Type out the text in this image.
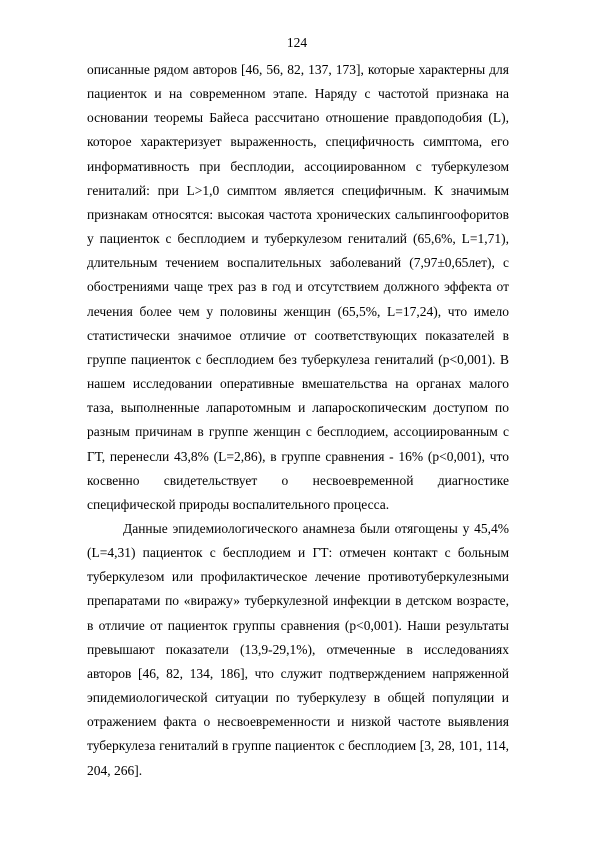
124

описанные рядом авторов [46, 56, 82, 137, 173], которые характерны для пациенток и на современном этапе. Наряду с частотой признака на основании теоремы Байеса рассчитано отношение правдоподобия (L), которое характеризует выраженность, специфичность симптома, его информативность при бесплодии, ассоциированном с туберкулезом гениталий: при L>1,0 симптом является специфичным. К значимым признакам относятся: высокая частота хронических сальпингоофоритов у пациенток с бесплодием и туберкулезом гениталий (65,6%, L=1,71), длительным течением воспалительных заболеваний (7,97±0,65лет), с обострениями чаще трех раз в год и отсутствием должного эффекта от лечения более чем у половины женщин (65,5%, L=17,24), что имело статистически значимое отличие от соответствующих показателей в группе пациенток с бесплодием без туберкулеза гениталий (p<0,001). В нашем исследовании оперативные вмешательства на органах малого таза, выполненные лапаротомным и лапароскопическим доступом по разным причинам в группе женщин с бесплодием, ассоциированным с ГТ, перенесли 43,8% (L=2,86), в группе сравнения - 16% (p<0,001), что косвенно свидетельствует о несвоевременной диагностике специфической природы воспалительного процесса.

Данные эпидемиологического анамнеза были отягощены у 45,4% (L=4,31) пациенток с бесплодием и ГТ: отмечен контакт с больным туберкулезом или профилактическое лечение противотуберкулезными препаратами по «виражу» туберкулезной инфекции в детском возрасте, в отличие от пациенток группы сравнения (p<0,001). Наши результаты превышают показатели (13,9-29,1%), отмеченные в исследованиях авторов [46, 82, 134, 186], что служит подтверждением напряженной эпидемиологической ситуации по туберкулезу в общей популяции и отражением факта о несвоевременности и низкой частоте выявления туберкулеза гениталий в группе пациенток с бесплодием [3, 28, 101, 114, 204, 266].
